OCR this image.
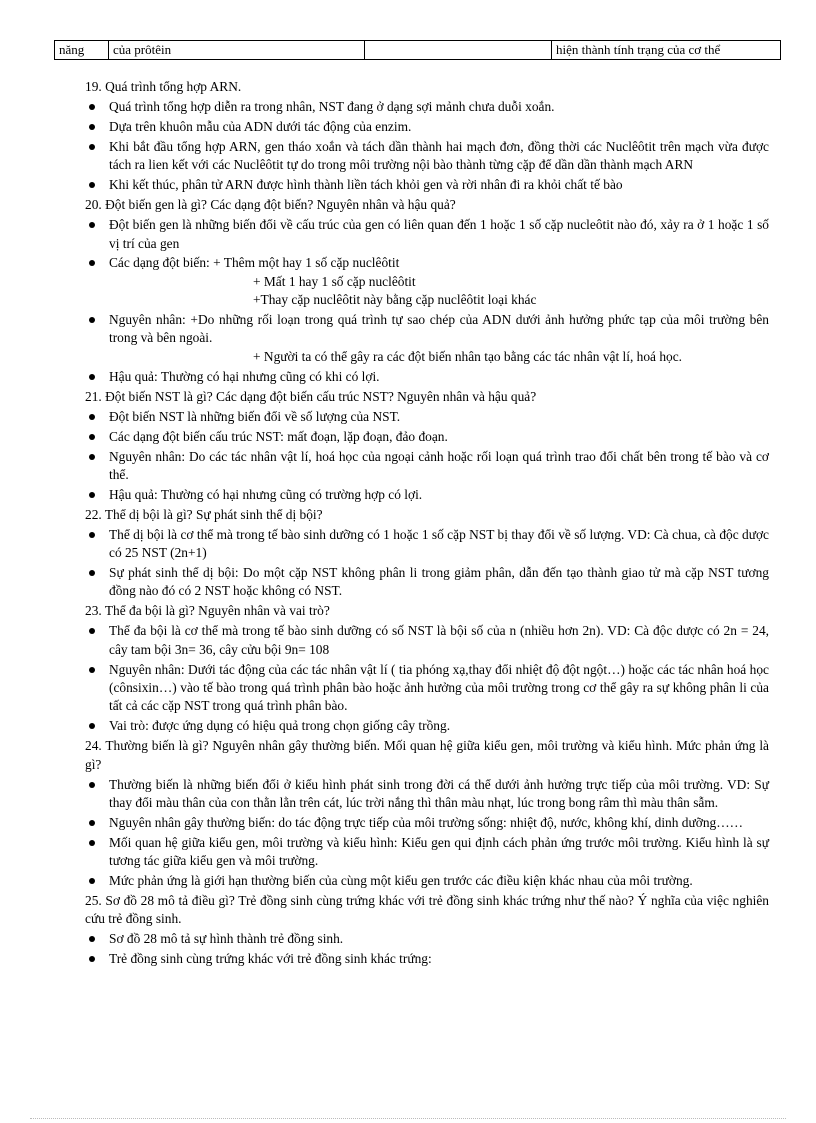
năng	của prôtêin		hiện thành tính trạng của cơ thể
19. Quá trình tổng hợp ARN.
Quá trình tổng hợp diễn ra trong nhân, NST đang ở dạng sợi mảnh chưa duỗi xoắn.
Dựa trên khuôn mẫu của ADN dưới tác động của enzim.
Khi bắt đầu tổng hợp ARN, gen tháo xoắn và tách dần thành hai mạch đơn, đồng thời các Nuclêôtit trên mạch vừa được tách ra lien kết với các Nuclêôtit tự do trong môi trường nội bào thành từng cặp để dần dần thành mạch ARN
Khi kết thúc, phân tử ARN được hình thành liền tách khỏi gen và rời nhân đi ra khỏi chất tế bào
20. Đột biến gen là gì? Các dạng đột biến? Nguyên nhân và hậu quả?
Đột biến gen là những biến đổi về cấu trúc của gen có liên quan đến 1 hoặc 1 số cặp nucleôtit nào đó, xảy ra ở 1 hoặc 1 số vị trí của gen
Các dạng đột biến: + Thêm một hay 1 số cặp nuclêôtit
+ Mất 1 hay 1 số cặp nuclêôtit
+Thay cặp nuclêôtit này bằng cặp nuclêôtit loại khác
Nguyên nhân: +Do những rối loạn trong quá trình tự sao chép của ADN dưới ảnh hưởng phức tạp của môi trường bên trong và bên ngoài.
+ Người ta có thể gây ra các đột biến nhân tạo bằng các tác nhân vật lí, hoá học.
Hậu quả: Thường có hại nhưng cũng có khi có lợi.
21. Đột biến NST là gì? Các dạng đột biến cấu trúc NST? Nguyên nhân và hậu quả?
Đột biến NST là những biến đổi về số lượng của NST.
Các dạng đột biến cấu trúc NST: mất đoạn, lặp đoạn, đảo đoạn.
Nguyên nhân: Do các tác nhân vật lí, hoá học của ngoại cảnh hoặc rối loạn quá trình trao đổi chất bên trong tế bào và cơ thể.
Hậu quả: Thường có hại nhưng cũng có trường hợp có lợi.
22. Thể dị bội là gì? Sự phát sinh thể dị bội?
Thể dị bội là cơ thể mà trong tế bào sinh dưỡng có 1 hoặc 1 số cặp NST bị thay đổi về số lượng. VD: Cà chua, cà độc dược có 25 NST (2n+1)
Sự phát sinh thể dị bội: Do một cặp NST không phân li trong giảm phân, dẫn đến tạo thành giao tử mà cặp NST tương đồng nào đó có 2 NST hoặc không có NST.
23. Thể đa bội là gì? Nguyên nhân và vai trò?
Thể đa bội là cơ thể mà trong tế bào sinh dưỡng có số NST là bội số của n (nhiều hơn 2n). VD: Cà độc dược có 2n = 24, cây tam bội 3n= 36, cây cửu bội 9n= 108
Nguyên nhân: Dưới tác động của các tác nhân vật lí ( tia phóng xạ,thay đổi nhiệt độ đột ngột…) hoặc các tác nhân hoá học (cônsixin…) vào tế bào trong quá trình phân bào hoặc ảnh hưởng của môi trường trong cơ thể gây ra sự không phân li của tất cả các cặp NST trong quá trình phân bào.
Vai trò: được ứng dụng có hiệu quả trong chọn giống cây trồng.
24. Thường biến là gì? Nguyên nhân gây thường biến. Mối quan hệ giữa kiểu gen, môi trường và kiểu hình. Mức phản ứng là gì?
Thường biến là những biến đổi ở kiểu hình phát sinh trong đời cá thể dưới ảnh hưởng trực tiếp của môi trường. VD: Sự thay đổi màu thân của con thằn lằn trên cát, lúc trời nắng thì thân màu nhạt, lúc trong bong râm thì màu thân sẫm.
Nguyên nhân gây thường biến: do tác động trực tiếp của môi trường sống: nhiệt độ, nước, không khí, dinh dưỡng……
Mối quan hệ giữa kiểu gen, môi trường và kiểu hình: Kiểu gen qui định cách phản ứng trước môi trường. Kiểu hình là sự tương tác giữa kiểu gen và môi trường.
Mức phản ứng là giới hạn thường biến của cùng một kiểu gen trước các điều kiện khác nhau của môi trường.
25. Sơ đồ 28 mô tả điều gì? Trẻ đồng sinh cùng trứng khác với trẻ đồng sinh khác trứng như thế nào? Ý nghĩa của việc nghiên cứu trẻ đồng sinh.
Sơ đồ 28 mô tả sự hình thành trẻ đồng sinh.
Trẻ đồng sinh cùng trứng khác với trẻ đồng sinh khác trứng:
